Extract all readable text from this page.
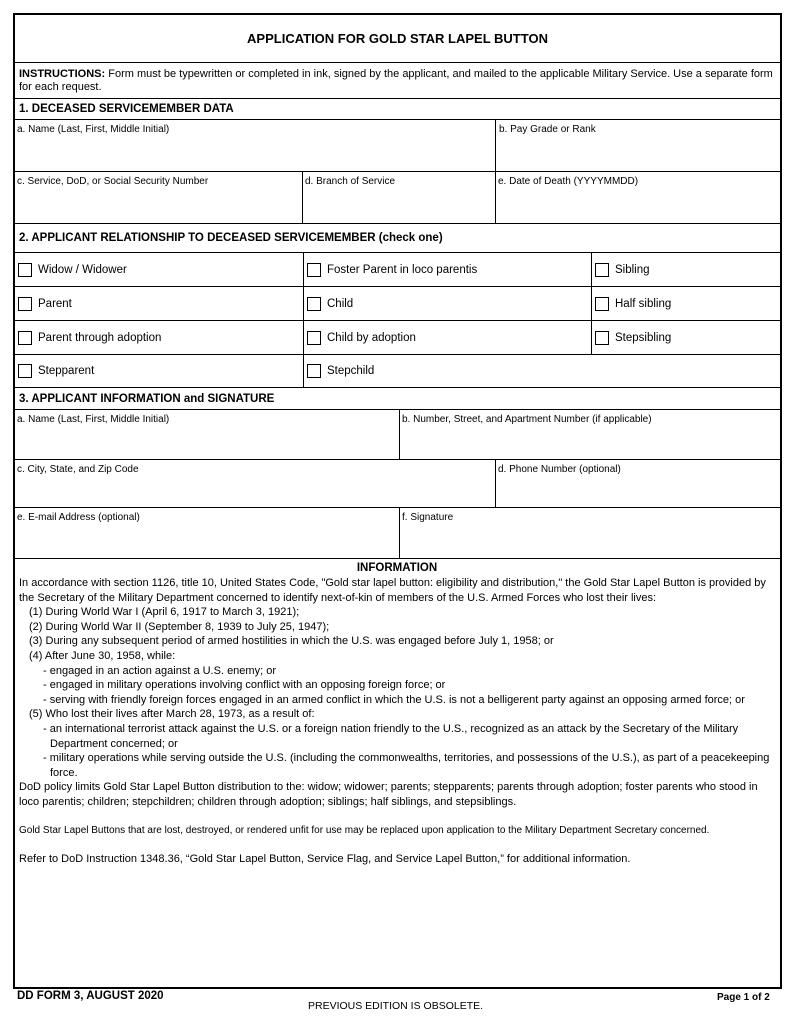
APPLICATION FOR GOLD STAR LAPEL BUTTON
INSTRUCTIONS: Form must be typewritten or completed in ink, signed by the applicant, and mailed to the applicable Military Service. Use a separate form for each request.
1. DECEASED SERVICEMEMBER DATA
a. Name (Last, First, Middle Initial)	b. Pay Grade or Rank
c. Service, DoD, or Social Security Number	d. Branch of Service	e. Date of Death (YYYYMMDD)
2. APPLICANT RELATIONSHIP TO DECEASED SERVICEMEMBER (check one)
Widow / Widower	Foster Parent in loco parentis	Sibling
Parent	Child	Half sibling
Parent through adoption	Child by adoption	Stepsibling
Stepparent	Stepchild
3. APPLICANT INFORMATION and SIGNATURE
a. Name (Last, First, Middle Initial)	b. Number, Street, and Apartment Number (if applicable)
c. City, State, and Zip Code	d. Phone Number (optional)
e. E-mail Address (optional)	f. Signature
INFORMATION

In accordance with section 1126, title 10, United States Code, "Gold star lapel button: eligibility and distribution," the Gold Star Lapel Button is provided by the Secretary of the Military Department concerned to identify next-of-kin of members of the U.S. Armed Forces who lost their lives:

(1) During World War I (April 6, 1917 to March 3, 1921);

(2) During World War II (September 8, 1939 to July 25, 1947);

(3) During any subsequent period of armed hostilities in which the U.S. was engaged before July 1, 1958; or

(4) After June 30, 1958, while:

- engaged in an action against a U.S. enemy; or

- engaged in military operations involving conflict with an opposing foreign force; or

- serving with friendly foreign forces engaged in an armed conflict in which the U.S. is not a belligerent party against an opposing armed force; or

(5) Who lost their lives after March 28, 1973, as a result of:

- an international terrorist attack against the U.S. or a foreign nation friendly to the U.S., recognized as an attack by the Secretary of the Military Department concerned; or

- military operations while serving outside the U.S. (including the commonwealths, territories, and possessions of the U.S.), as part of a peacekeeping force.

DoD policy limits Gold Star Lapel Button distribution to the: widow; widower; parents; stepparents; parents through adoption; foster parents who stood in loco parentis; children; stepchildren; children through adoption; siblings; half siblings, and stepsiblings.

Gold Star Lapel Buttons that are lost, destroyed, or rendered unfit for use may be replaced upon application to the Military Department Secretary concerned.

Refer to DoD Instruction 1348.36, “Gold Star Lapel Button, Service Flag, and Service Lapel Button,” for additional information.

DD FORM 3, AUGUST 2020
PREVIOUS EDITION IS OBSOLETE.
Page 1 of 2
